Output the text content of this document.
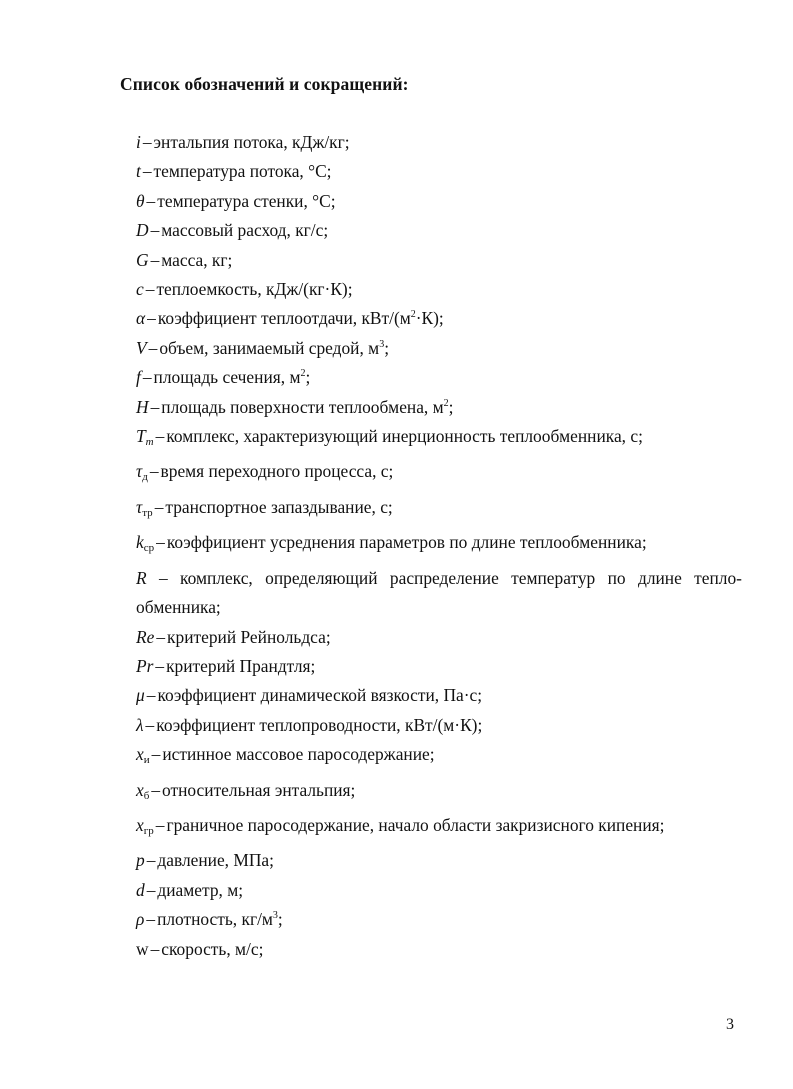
Список обозначений и сокращений:
i – энтальпия потока, кДж/кг;
t – температура потока, °С;
θ – температура стенки, °С;
D – массовый расход, кг/с;
G – масса, кг;
c – теплоемкость, кДж/(кг·К);
α – коэффициент теплоотдачи, кВт/$(м^2\cdot К)$;
V – объем, занимаемый средой, $м^3$;
f – площадь сечения, $м^2$;
H – площадь поверхности теплообмена, $м^2$;
$T_m$ – комплекс, характеризующий инерционность теплообменника, с;
$\tau_д$ – время переходного процесса, с;
$\tau_{тр}$ – транспортное запаздывание, с;
$k_{ср}$ – коэффициент усреднения параметров по длине теплообменника;
R – комплекс, определяющий распределение температур по длине тепло-
обменника;
Re – критерий Рейнольдса;
Pr – критерий Прандтля;
μ – коэффициент динамической вязкости, Па·с;
λ – коэффициент теплопроводности, кВт/(м·К);
$x_и$ – истинное массовое паросодержание;
$x_б$ – относительная энтальпия;
$x_{гр}$ – граничное паросодержание, начало области закризисного кипения;
p – давление, МПа;
d – диаметр, м;
ρ – плотность, $кг/м^3$;
w – скорость, м/с;

3
